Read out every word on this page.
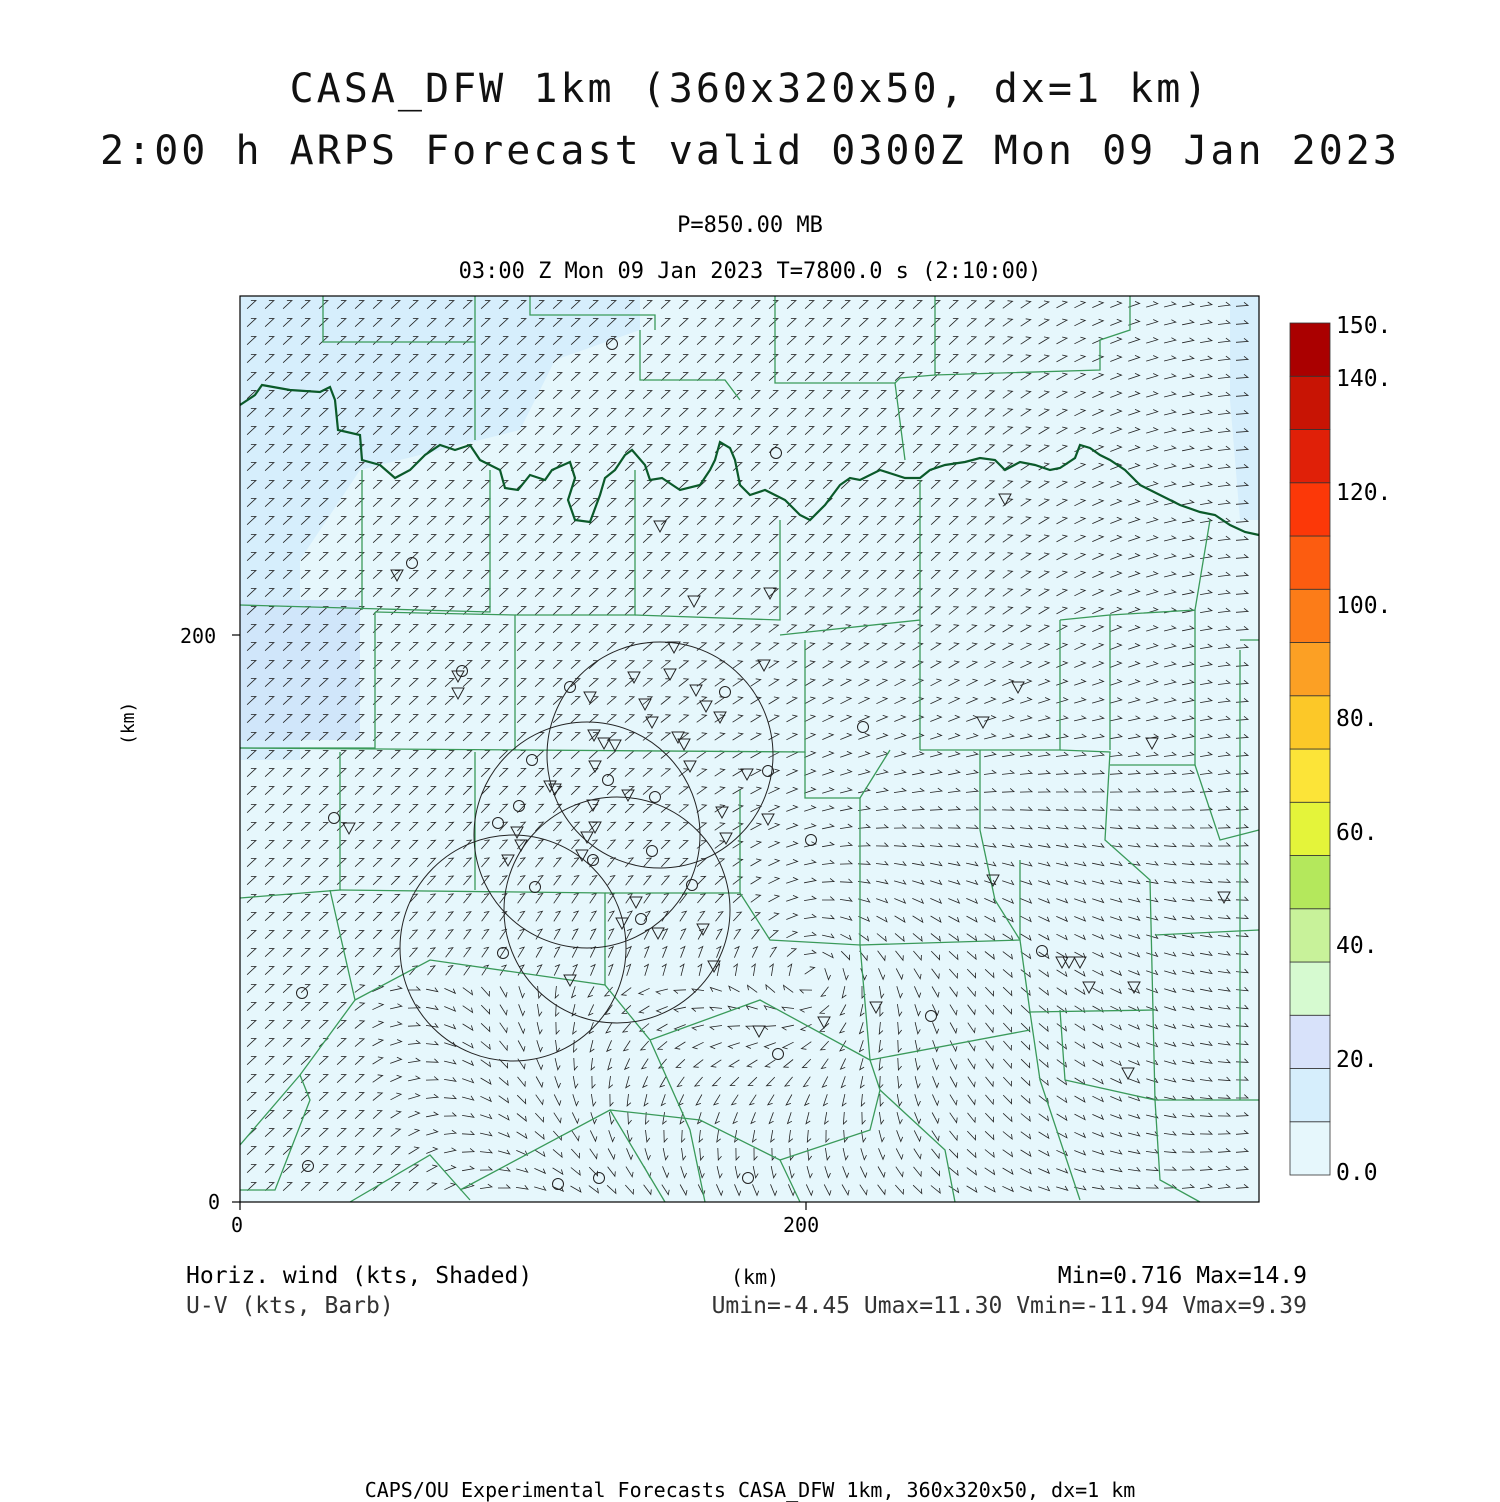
CASA_DFW 1km (360x320x50, dx=1 km)
2:00 h ARPS Forecast valid 0300Z Mon 09 Jan 2023
P=850.00 MB
03:00 Z Mon 09 Jan 2023 T=7800.0 s (2:10:00)
(km)
0
200
0	200
0.0
20.
40.
60.
80.
100.
120.
140.
150.
Horiz. wind (kts, Shaded)
U-V (kts, Barb)
(km)	Min=0.716 Max=14.9
Umin=-4.45 Umax=11.30 Vmin=-11.94 Vmax=9.39
CAPS/OU Experimental Forecasts CASA_DFW 1km, 360x320x50, dx=1 km
